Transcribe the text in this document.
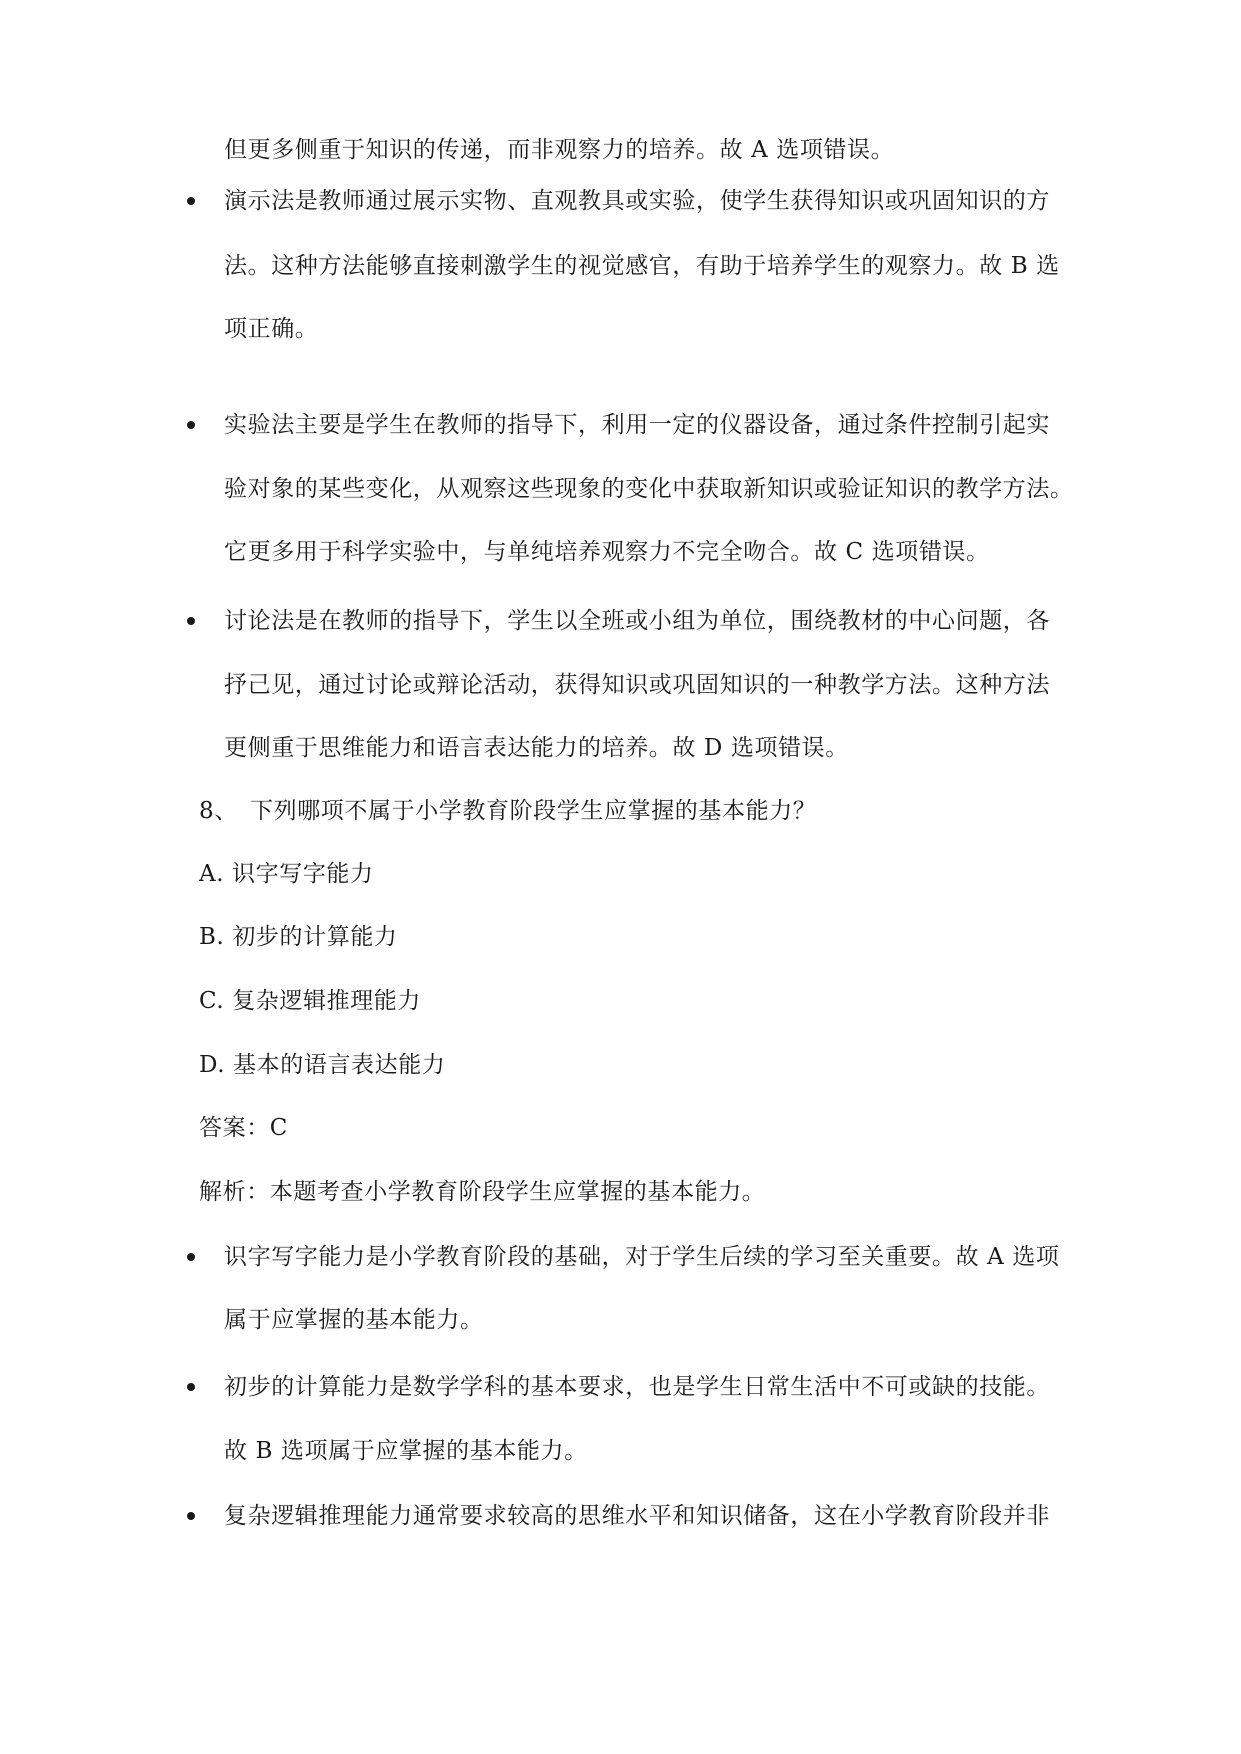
但更多侧重于知识的传递，而非观察力的培养。故 A 选项错误。
演示法是教师通过展示实物、直观教具或实验，使学生获得知识或巩固知识的方
法。这种方法能够直接刺激学生的视觉感官，有助于培养学生的观察力。故 B 选
项正确。
实验法主要是学生在教师的指导下，利用一定的仪器设备，通过条件控制引起实
验对象的某些变化，从观察这些现象的变化中获取新知识或验证知识的教学方法。
它更多用于科学实验中，与单纯培养观察力不完全吻合。故 C 选项错误。
讨论法是在教师的指导下，学生以全班或小组为单位，围绕教材的中心问题，各
抒己见，通过讨论或辩论活动，获得知识或巩固知识的一种教学方法。这种方法
更侧重于思维能力和语言表达能力的培养。故 D 选项错误。
8、 下列哪项不属于小学教育阶段学生应掌握的基本能力？
A. 识字写字能力
B. 初步的计算能力
C. 复杂逻辑推理能力
D. 基本的语言表达能力
答案：C
解析：本题考查小学教育阶段学生应掌握的基本能力。
识字写字能力是小学教育阶段的基础，对于学生后续的学习至关重要。故 A 选项
属于应掌握的基本能力。
初步的计算能力是数学学科的基本要求，也是学生日常生活中不可或缺的技能。
故 B 选项属于应掌握的基本能力。
复杂逻辑推理能力通常要求较高的思维水平和知识储备，这在小学教育阶段并非
